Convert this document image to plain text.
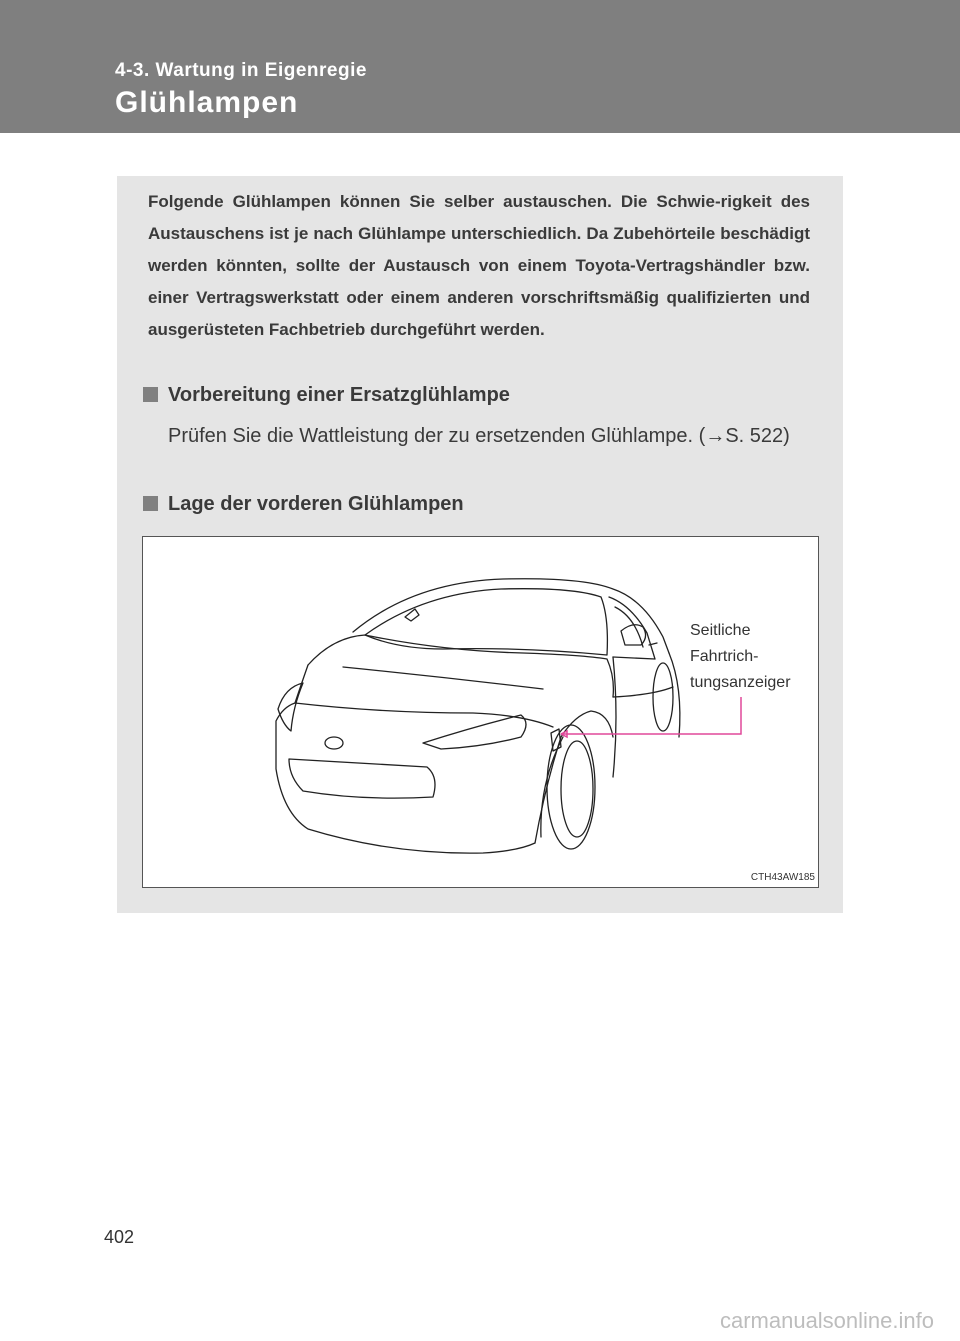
4-3. Wartung in Eigenregie
Glühlampen
Folgende Glühlampen können Sie selber austauschen. Die Schwie-rigkeit des Austauschens ist je nach Glühlampe unterschiedlich. Da Zubehörteile beschädigt werden könnten, sollte der Austausch von einem Toyota-Vertragshändler bzw. einer Vertragswerkstatt oder einem anderen vorschriftsmäßig qualifizierten und ausgerüsteten Fachbetrieb durchgeführt werden.
Vorbereitung einer Ersatzglühlampe
Prüfen Sie die Wattleistung der zu ersetzenden Glühlampe. (→S. 522)
Lage der vorderen Glühlampen
Seitliche
Fahrtrich-
tungsanzeiger
CTH43AW185
402
carmanualsonline.info
